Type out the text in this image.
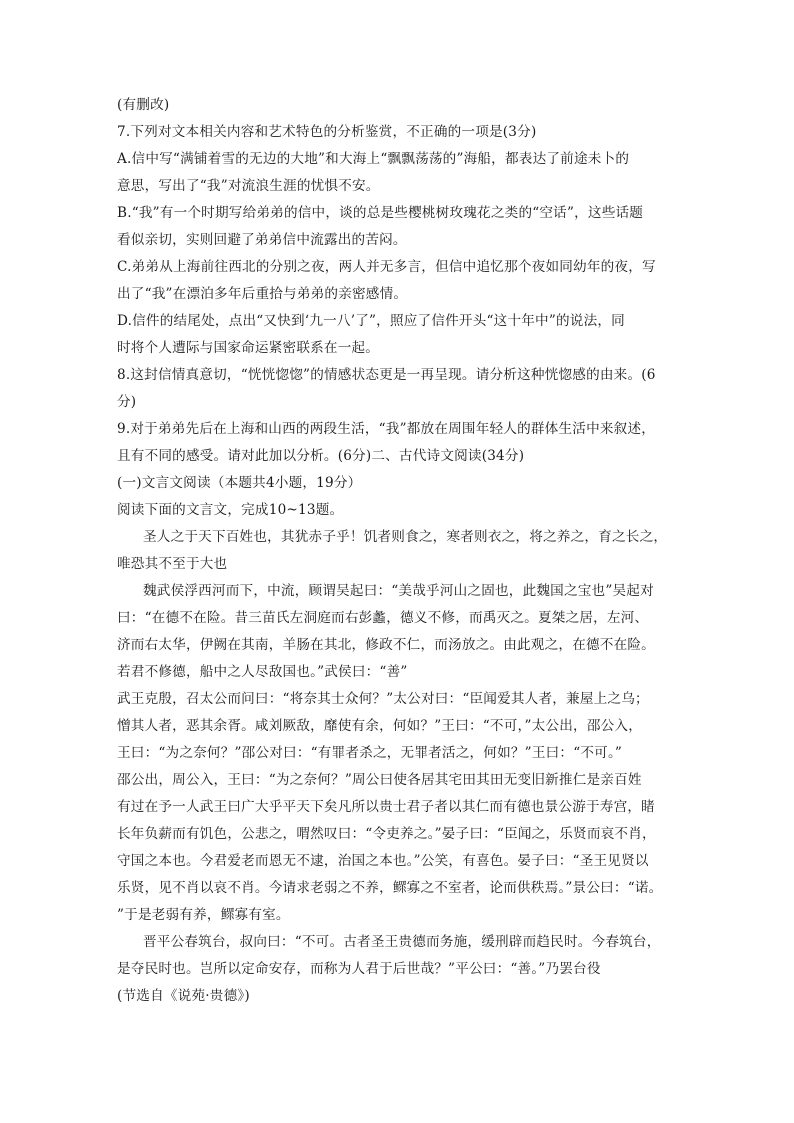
(有删改)
7.下列对文本相关内容和艺术特色的分析鉴赏，不正确的一项是(3分)
A.信中写“满铺着雪的无边的大地”和大海上“飘飘荡荡的”海船，都表达了前途未卜的
意思，写出了“我”对流浪生涯的忧惧不安。
B.“我”有一个时期写给弟弟的信中，谈的总是些樱桃树玫瑰花之类的“空话”，这些话题
看似亲切，实则回避了弟弟信中流露出的苦闷。
C.弟弟从上海前往西北的分别之夜，两人并无多言，但信中追忆那个夜如同幼年的夜，写
出了“我”在漂泊多年后重拾与弟弟的亲密感情。
D.信件的结尾处，点出“又快到‘九一八’了”，照应了信件开头“这十年中”的说法，同
时将个人遭际与国家命运紧密联系在一起。
8.这封信情真意切，“恍恍惚惚”的情感状态更是一再呈现。请分析这种恍惚感的由来。(6
分)
9.对于弟弟先后在上海和山西的两段生活，“我”都放在周围年轻人的群体生活中来叙述，
且有不同的感受。请对此加以分析。(6分)二、古代诗文阅读(34分)
(一)文言文阅读（本题共4小题，19分）
阅读下面的文言文，完成10~13题。
圣人之于天下百姓也，其犹赤子乎！饥者则食之，寒者则衣之，将之养之，育之长之，
唯恐其不至于大也
魏武侯浮西河而下，中流，顾谓吴起曰：“美哉乎河山之固也，此魏国之宝也”吴起对
曰：“在德不在险。昔三苗氏左洞庭而右彭蠡，德义不修，而禹灭之。夏桀之居，左河、
济而右太华，伊阙在其南，羊肠在其北，修政不仁，而汤放之。由此观之，在德不在险。
若君不修德，船中之人尽敌国也。”武侯曰：“善”
武王克殷，召太公而问曰：“将奈其士众何？”太公对曰：“臣闻爱其人者，兼屋上之乌；
憎其人者，恶其余胥。咸刘厥敌，靡使有余，何如？”王曰：“不可，”太公出，邵公入，
王曰：“为之奈何？”邵公对曰：“有罪者杀之，无罪者活之，何如？”王曰：“不可。”
邵公出，周公入，王曰：“为之奈何？”周公曰使各居其宅田其田无变旧新推仁是亲百姓
有过在予一人武王曰广大乎平天下矣凡所以贵士君子者以其仁而有德也景公游于寿宫，睹
长年负薪而有饥色，公悲之，喟然叹曰：“令吏养之。”晏子曰：“臣闻之，乐贤而哀不肖，
守国之本也。今君爱老而恩无不逮，治国之本也。”公笑，有喜色。晏子曰：“圣王见贤以
乐贤，见不肖以哀不肖。今请求老弱之不养，鳏寡之不室者，论而供秩焉。”景公曰：“诺。
”于是老弱有养，鳏寡有室。
晋平公春筑台，叔向曰：“不可。古者圣王贵德而务施，缓刑辟而趋民时。今春筑台，
是夺民时也。岂所以定命安存，而称为人君于后世哉？”平公曰：“善。”乃罢台役
(节选自《说苑·贵德》)
